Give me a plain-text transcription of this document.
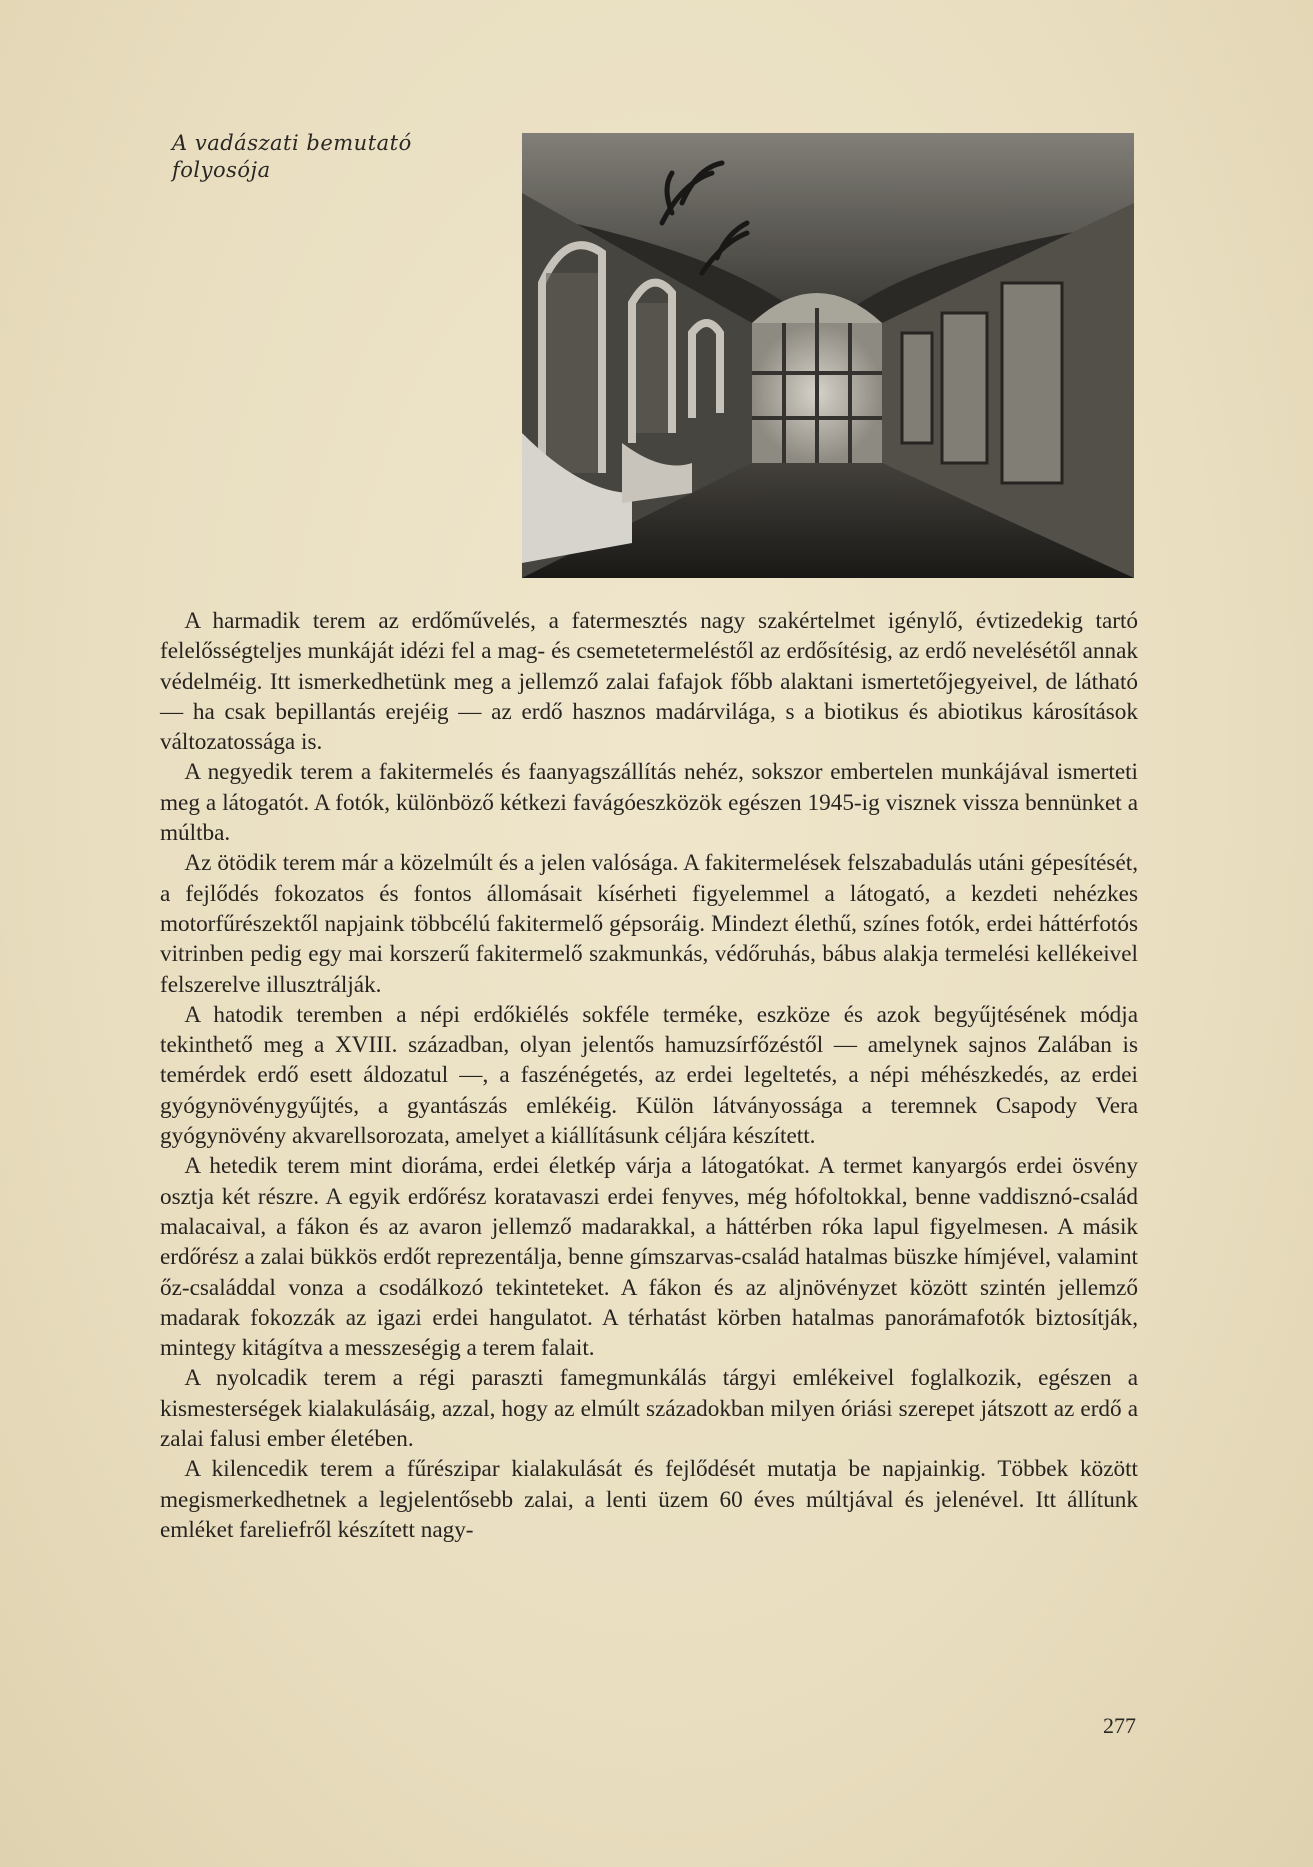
A vadászati bemutató
folyosója

A harmadik terem az erdőművelés, a fatermesztés nagy szakértelmet igénylő, évtizedekig tartó felelősségteljes munkáját idézi fel a mag- és csemetetermeléstől az erdősítésig, az erdő nevelésétől annak védelméig. Itt ismerkedhetünk meg a jellemző zalai fafajok főbb alaktani ismertetőjegyeivel, de látható — ha csak bepillantás erejéig — az erdő hasznos madárvilága, s a biotikus és abiotikus károsítások változatossága is.

A negyedik terem a fakitermelés és faanyagszállítás nehéz, sokszor embertelen munkájával ismerteti meg a látogatót. A fotók, különböző kétkezi favágóeszközök egészen 1945-ig visznek vissza bennünket a múltba.

Az ötödik terem már a közelmúlt és a jelen valósága. A fakitermelések felszabadulás utáni gépesítését, a fejlődés fokozatos és fontos állomásait kísérheti figyelemmel a látogató, a kezdeti nehézkes motorfűrészektől napjaink többcélú fakitermelő gépsoráig. Mindezt élethű, színes fotók, erdei háttérfotós vitrinben pedig egy mai korszerű fakitermelő szakmunkás, védőruhás, bábus alakja termelési kellékeivel felszerelve illusztrálják.

A hatodik teremben a népi erdőkiélés sokféle terméke, eszköze és azok begyűjtésének módja tekinthető meg a XVIII. században, olyan jelentős hamuzsírfőzéstől — amelynek sajnos Zalában is temérdek erdő esett áldozatul —, a faszénégetés, az erdei legeltetés, a népi méhészkedés, az erdei gyógynövénygyűjtés, a gyantászás emlékéig. Külön látványossága a teremnek Csapody Vera gyógynövény akvarellsorozata, amelyet a kiállításunk céljára készített.

A hetedik terem mint dioráma, erdei életkép várja a látogatókat. A termet kanyargós erdei ösvény osztja két részre. A egyik erdőrész koratavaszi erdei fenyves, még hófoltokkal, benne vaddisznó-család malacaival, a fákon és az avaron jellemző madarakkal, a háttérben róka lapul figyelmesen. A másik erdőrész a zalai bükkös erdőt reprezentálja, benne gímszarvas-család hatalmas büszke hímjével, valamint őz-családdal vonza a csodálkozó tekinteteket. A fákon és az aljnövényzet között szintén jellemző madarak fokozzák az igazi erdei hangulatot. A térhatást körben hatalmas panorámafotók biztosítják, mintegy kitágítva a messzeségig a terem falait.

A nyolcadik terem a régi paraszti famegmunkálás tárgyi emlékeivel foglalkozik, egészen a kismesterségek kialakulásáig, azzal, hogy az elmúlt századokban milyen óriási szerepet játszott az erdő a zalai falusi ember életében.

A kilencedik terem a fűrészipar kialakulását és fejlődését mutatja be napjainkig. Többek között megismerkedhetnek a legjelentősebb zalai, a lenti üzem 60 éves múltjával és jelenével. Itt állítunk emléket fareliefről készített nagy-

277
